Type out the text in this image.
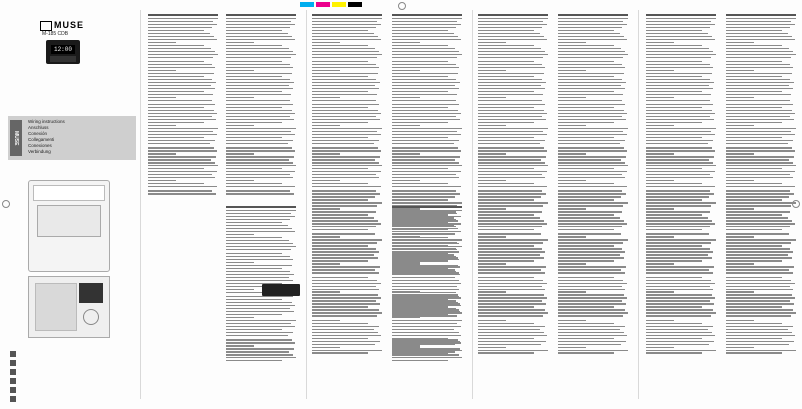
MUSE
M-185 CDB
12:00
MUSE
Wiring instructions
Anschluss
Conexión
Collegamenti
Conexiones
Verbindung
